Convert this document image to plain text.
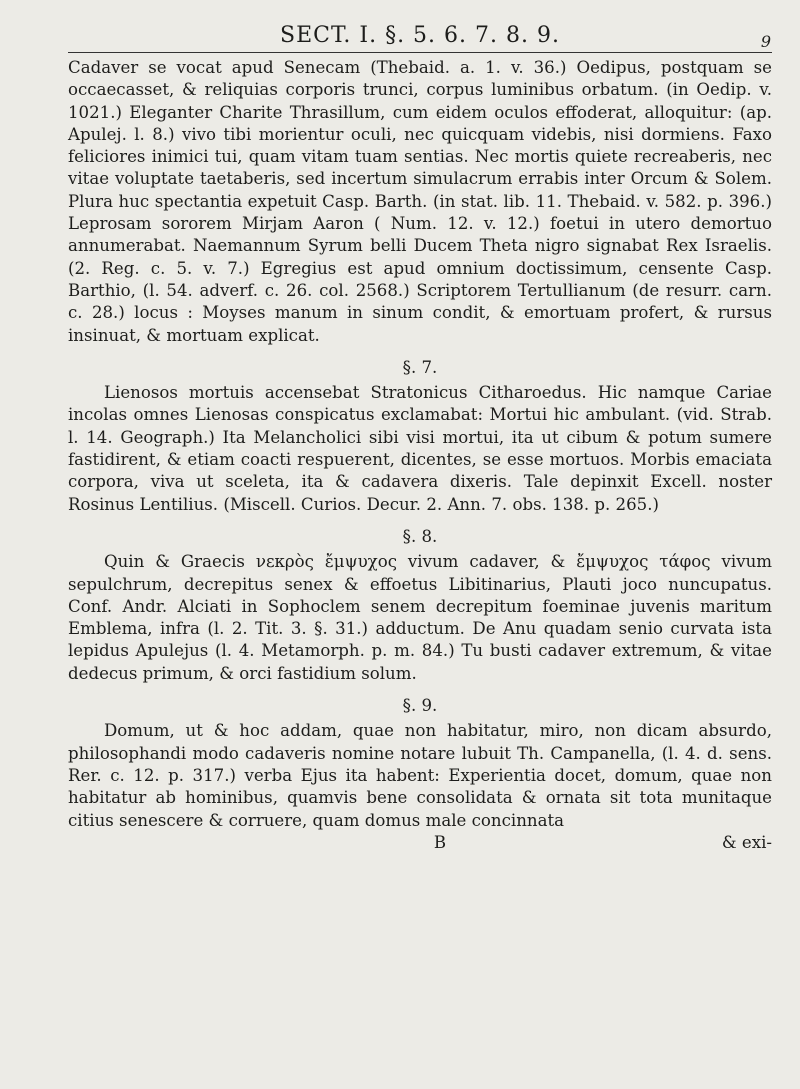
SECT. I. §. 5. 6. 7. 8. 9.	9

Cadaver se vocat apud Senecam (Thebaid. a. 1. v. 36.) Oedipus, postquam se occaecasset, & reliquias corporis trunci, corpus luminibus orbatum. (in Oedip. v. 1021.) Eleganter Charite Thrasillum, cum eidem oculos effoderat, alloquitur: (ap. Apulej. l. 8.) vivo tibi morientur oculi, nec quicquam videbis, nisi dormiens. Faxo feliciores inimici tui, quam vitam tuam sentias. Nec mortis quiete recreaberis, nec vitae voluptate taetaberis, sed incertum simulacrum errabis inter Orcum & Solem. Plura huc spectantia expetuit Casp. Barth. (in stat. lib. 11. Thebaid. v. 582. p. 396.) Leprosam sororem Mirjam Aaron ( Num. 12. v. 12.) foetui in utero demortuo annumerabat. Naemannum Syrum belli Ducem Theta nigro signabat Rex Israelis. (2. Reg. c. 5. v. 7.) Egregius est apud omnium doctissimum, censente Casp. Barthio, (l. 54. adverf. c. 26. col. 2568.) Scriptorem Tertullianum (de resurr. carn. c. 28.) locus : Moyses manum in sinum condit, & emortuam profert, & rursus insinuat, & mortuam explicat.

§. 7.

Lienosos mortuis accensebat Stratonicus Citharoedus. Hic namque Cariae incolas omnes Lienosas conspicatus exclamabat: Mortui hic ambulant. (vid. Strab. l. 14. Geograph.) Ita Melancholici sibi visi mortui, ita ut cibum & potum sumere fastidirent, & etiam coacti respuerent, dicentes, se esse mortuos. Morbis emaciata corpora, viva ut sceleta, ita & cadavera dixeris. Tale depinxit Excell. noster Rosinus Lentilius. (Miscell. Curios. Decur. 2. Ann. 7. obs. 138. p. 265.)

§. 8.

Quin & Graecis νεκρὸς ἔμψυχος vivum cadaver, & ἔμψυχος τάφος vivum sepulchrum, decrepitus senex & effoetus Libitinarius, Plauti joco nuncupatus. Conf. Andr. Alciati in Sophoclem senem decrepitum foeminae juvenis maritum Emblema, infra (l. 2. Tit. 3. §. 31.) adductum. De Anu quadam senio curvata ista lepidus Apulejus (l. 4. Metamorph. p. m. 84.) Tu busti cadaver extremum, & vitae dedecus primum, & orci fastidium solum.

§. 9.

Domum, ut & hoc addam, quae non habitatur, miro, non dicam absurdo, philosophandi modo cadaveris nomine notare lubuit Th. Campanella, (l. 4. d. sens. Rer. c. 12. p. 317.) verba Ejus ita habent: Experientia docet, domum, quae non habitatur ab hominibus, quamvis bene consolidata & ornata sit tota munitaque citius senescere & corruere, quam domus male concinnata

B	& exi-
